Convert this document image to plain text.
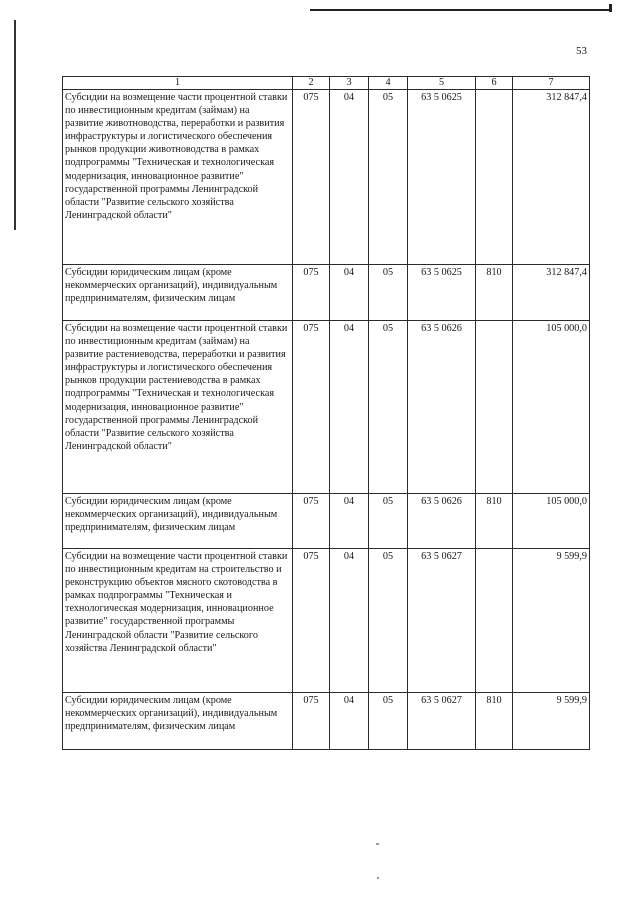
53
1	2	3	4	5	6	7
Субсидии на возмещение части процентной ставки по инвестиционным кредитам (займам) на развитие животноводства, переработки и развития инфраструктуры и логистического обеспечения рынков продукции животноводства в рамках подпрограммы "Техническая и технологическая модернизация, инновационное развитие" государственной программы Ленинградской области "Развитие сельского хозяйства Ленинградской области"	075	04	05	63 5 0625		312 847,4
Субсидии юридическим лицам (кроме некоммерческих организаций), индивидуальным предпринимателям, физическим лицам	075	04	05	63 5 0625	810	312 847,4
Субсидии на возмещение части процентной ставки по инвестиционным кредитам (займам) на развитие растениеводства, переработки и развития инфраструктуры и логистического обеспечения рынков продукции растениеводства в рамках подпрограммы "Техническая и технологическая модернизация, инновационное развитие" государственной программы Ленинградской области "Развитие сельского хозяйства Ленинградской области"	075	04	05	63 5 0626		105 000,0
Субсидии юридическим лицам (кроме некоммерческих организаций), индивидуальным предпринимателям, физическим лицам	075	04	05	63 5 0626	810	105 000,0
Субсидии на возмещение части процентной ставки по инвестиционным кредитам на строительство и реконструкцию объектов мясного скотоводства в рамках подпрограммы "Техническая и технологическая модернизация, инновационное развитие" государственной программы Ленинградской области "Развитие сельского хозяйства Ленинградской области"	075	04	05	63 5 0627		9 599,9
Субсидии юридическим лицам (кроме некоммерческих организаций), индивидуальным предпринимателям, физическим лицам	075	04	05	63 5 0627	810	9 599,9
